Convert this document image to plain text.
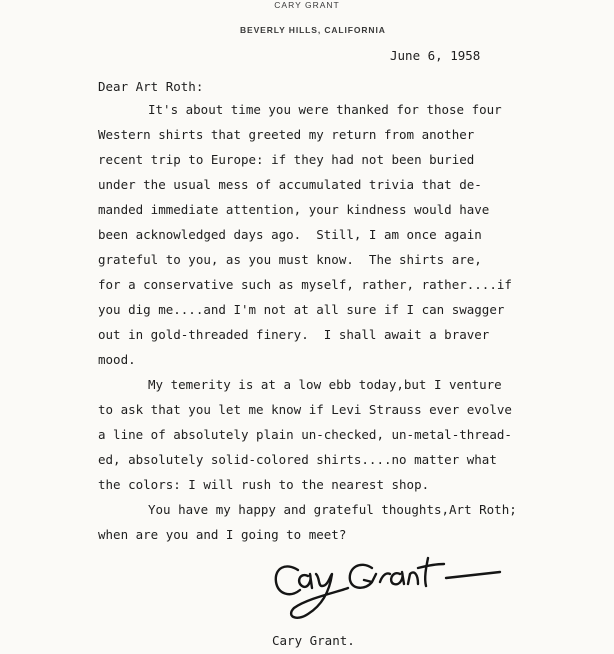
CARY GRANT
BEVERLY HILLS, CALIFORNIA
June 6, 1958
Dear Art Roth:
It's about time you were thanked for those four
Western shirts that greeted my return from another
recent trip to Europe: if they had not been buried
under the usual mess of accumulated trivia that de-
manded immediate attention, your kindness would have
been acknowledged days ago.  Still, I am once again
grateful to you, as you must know.  The shirts are,
for a conservative such as myself, rather, rather....if
you dig me....and I'm not at all sure if I can swagger
out in gold-threaded finery.  I shall await a braver
mood.
My temerity is at a low ebb today,but I venture
to ask that you let me know if Levi Strauss ever evolve
a line of absolutely plain un-checked, un-metal-thread-
ed, absolutely solid-colored shirts....no matter what
the colors: I will rush to the nearest shop.
You have my happy and grateful thoughts,Art Roth;
when are you and I going to meet?
Cary Grant.
